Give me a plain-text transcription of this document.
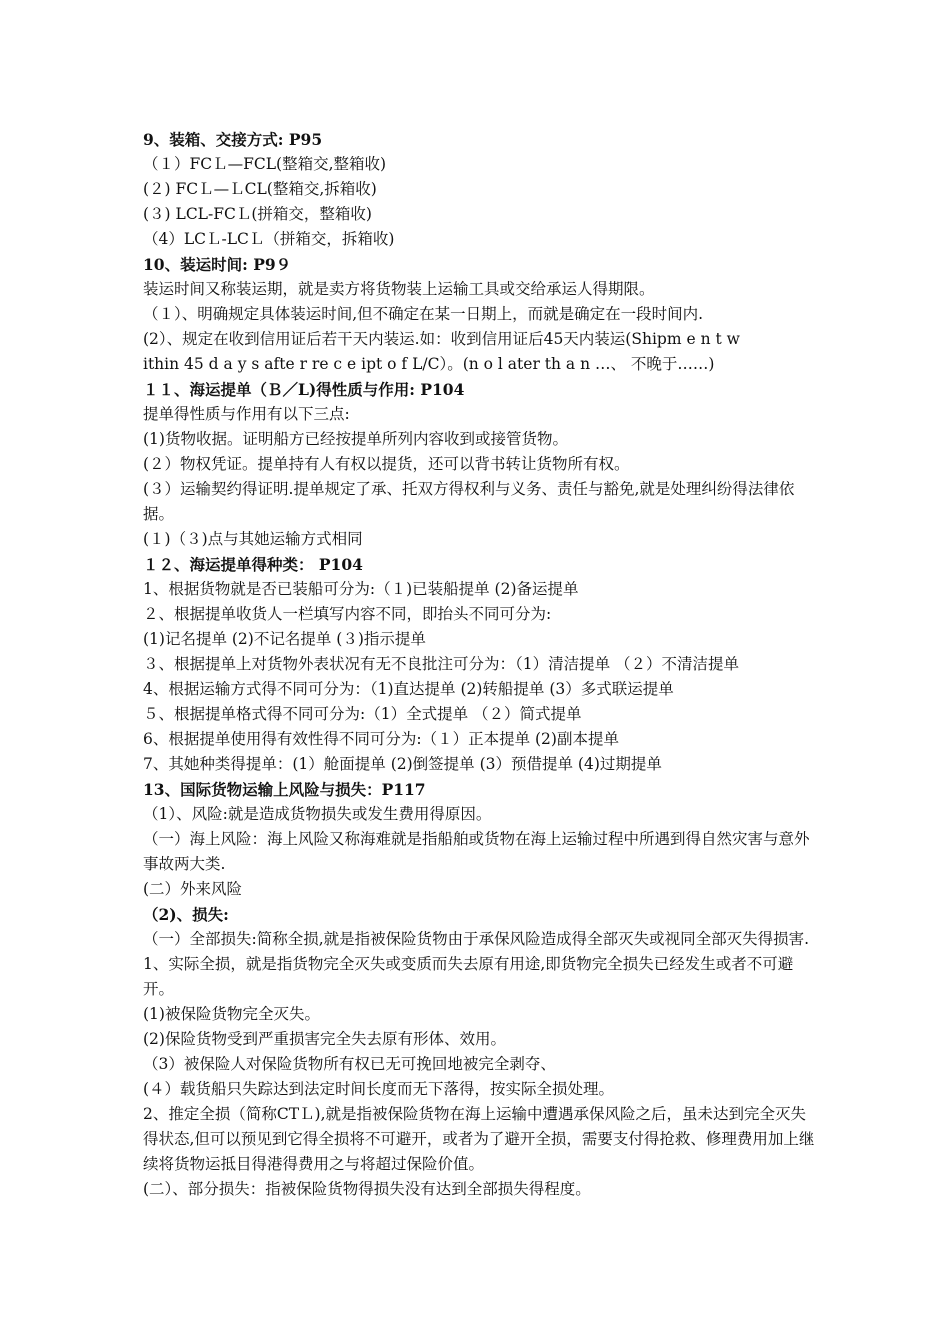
9、装箱、交接方式: P95
（１）FCＬ—FCL(整箱交,整箱收)
(２) FCＬ—ＬCL(整箱交,拆箱收)
(３) LCL-FCＬ(拼箱交，整箱收)
（4）LCＬ-LCＬ（拼箱交，拆箱收)
10、装运时间: P9９
装运时间又称装运期，就是卖方将货物装上运输工具或交给承运人得期限。
（１）、明确规定具体装运时间,但不确定在某一日期上，而就是确定在一段时间内.
(2）、规定在收到信用证后若干天内装运.如：收到信用证后45天内装运(Shipm e n t w
ithin 45 d a y s afte r re c e ipt o f L/C）。(n o l ater th a n …、 不晚于……)
１１、海运提单（Ｂ／L)得性质与作用: P104
提单得性质与作用有以下三点:
(1)货物收据。证明船方已经按提单所列内容收到或接管货物。
(２）物权凭证。提单持有人有权以提货，还可以背书转让货物所有权。
(３）运输契约得证明.提单规定了承、托双方得权利与义务、责任与豁免,就是处理纠纷得法律依据。
(１)（３)点与其她运输方式相同
１２、海运提单得种类： P104
1、根据货物就是否已装船可分为:（１)已装船提单 (2)备运提单
２、根据提单收货人一栏填写内容不同，即抬头不同可分为:
(1)记名提单 (2)不记名提单 (３)指示提单
３、根据提单上对货物外表状况有无不良批注可分为：（1）清洁提单 （２）不清洁提单
4、根据运输方式得不同可分为：（1)直达提单 (2)转船提单 (3）多式联运提单
５、根据提单格式得不同可分为:（1）全式提单 （２）简式提单
6、根据提单使用得有效性得不同可分为:（１）正本提单 (2)副本提单
7、其她种类得提单：(1）舱面提单 (2)倒签提单 (3）预借提单 (4)过期提单
13、国际货物运输上风险与损失：P117
（1）、风险:就是造成货物损失或发生费用得原因。
（一）海上风险：海上风险又称海难就是指船舶或货物在海上运输过程中所遇到得自然灾害与意外事故两大类.
(二）外来风险
（2)、损失:
（一）全部损失:简称全损,就是指被保险货物由于承保风险造成得全部灭失或视同全部灭失得损害.
1、实际全损，就是指货物完全灭失或变质而失去原有用途,即货物完全损失已经发生或者不可避开。
(1)被保险货物完全灭失。
(2)保险货物受到严重损害完全失去原有形体、效用。
（3）被保险人对保险货物所有权已无可挽回地被完全剥夺、
(４）载货船只失踪达到法定时间长度而无下落得，按实际全损处理。
2、推定全损（简称CTＬ),就是指被保险货物在海上运输中遭遇承保风险之后，虽未达到完全灭失得状态,但可以预见到它得全损将不可避开，或者为了避开全损，需要支付得抢救、修理费用加上继续将货物运抵目得港得费用之与将超过保险价值。
(二）、部分损失：指被保险货物得损失没有达到全部损失得程度。
